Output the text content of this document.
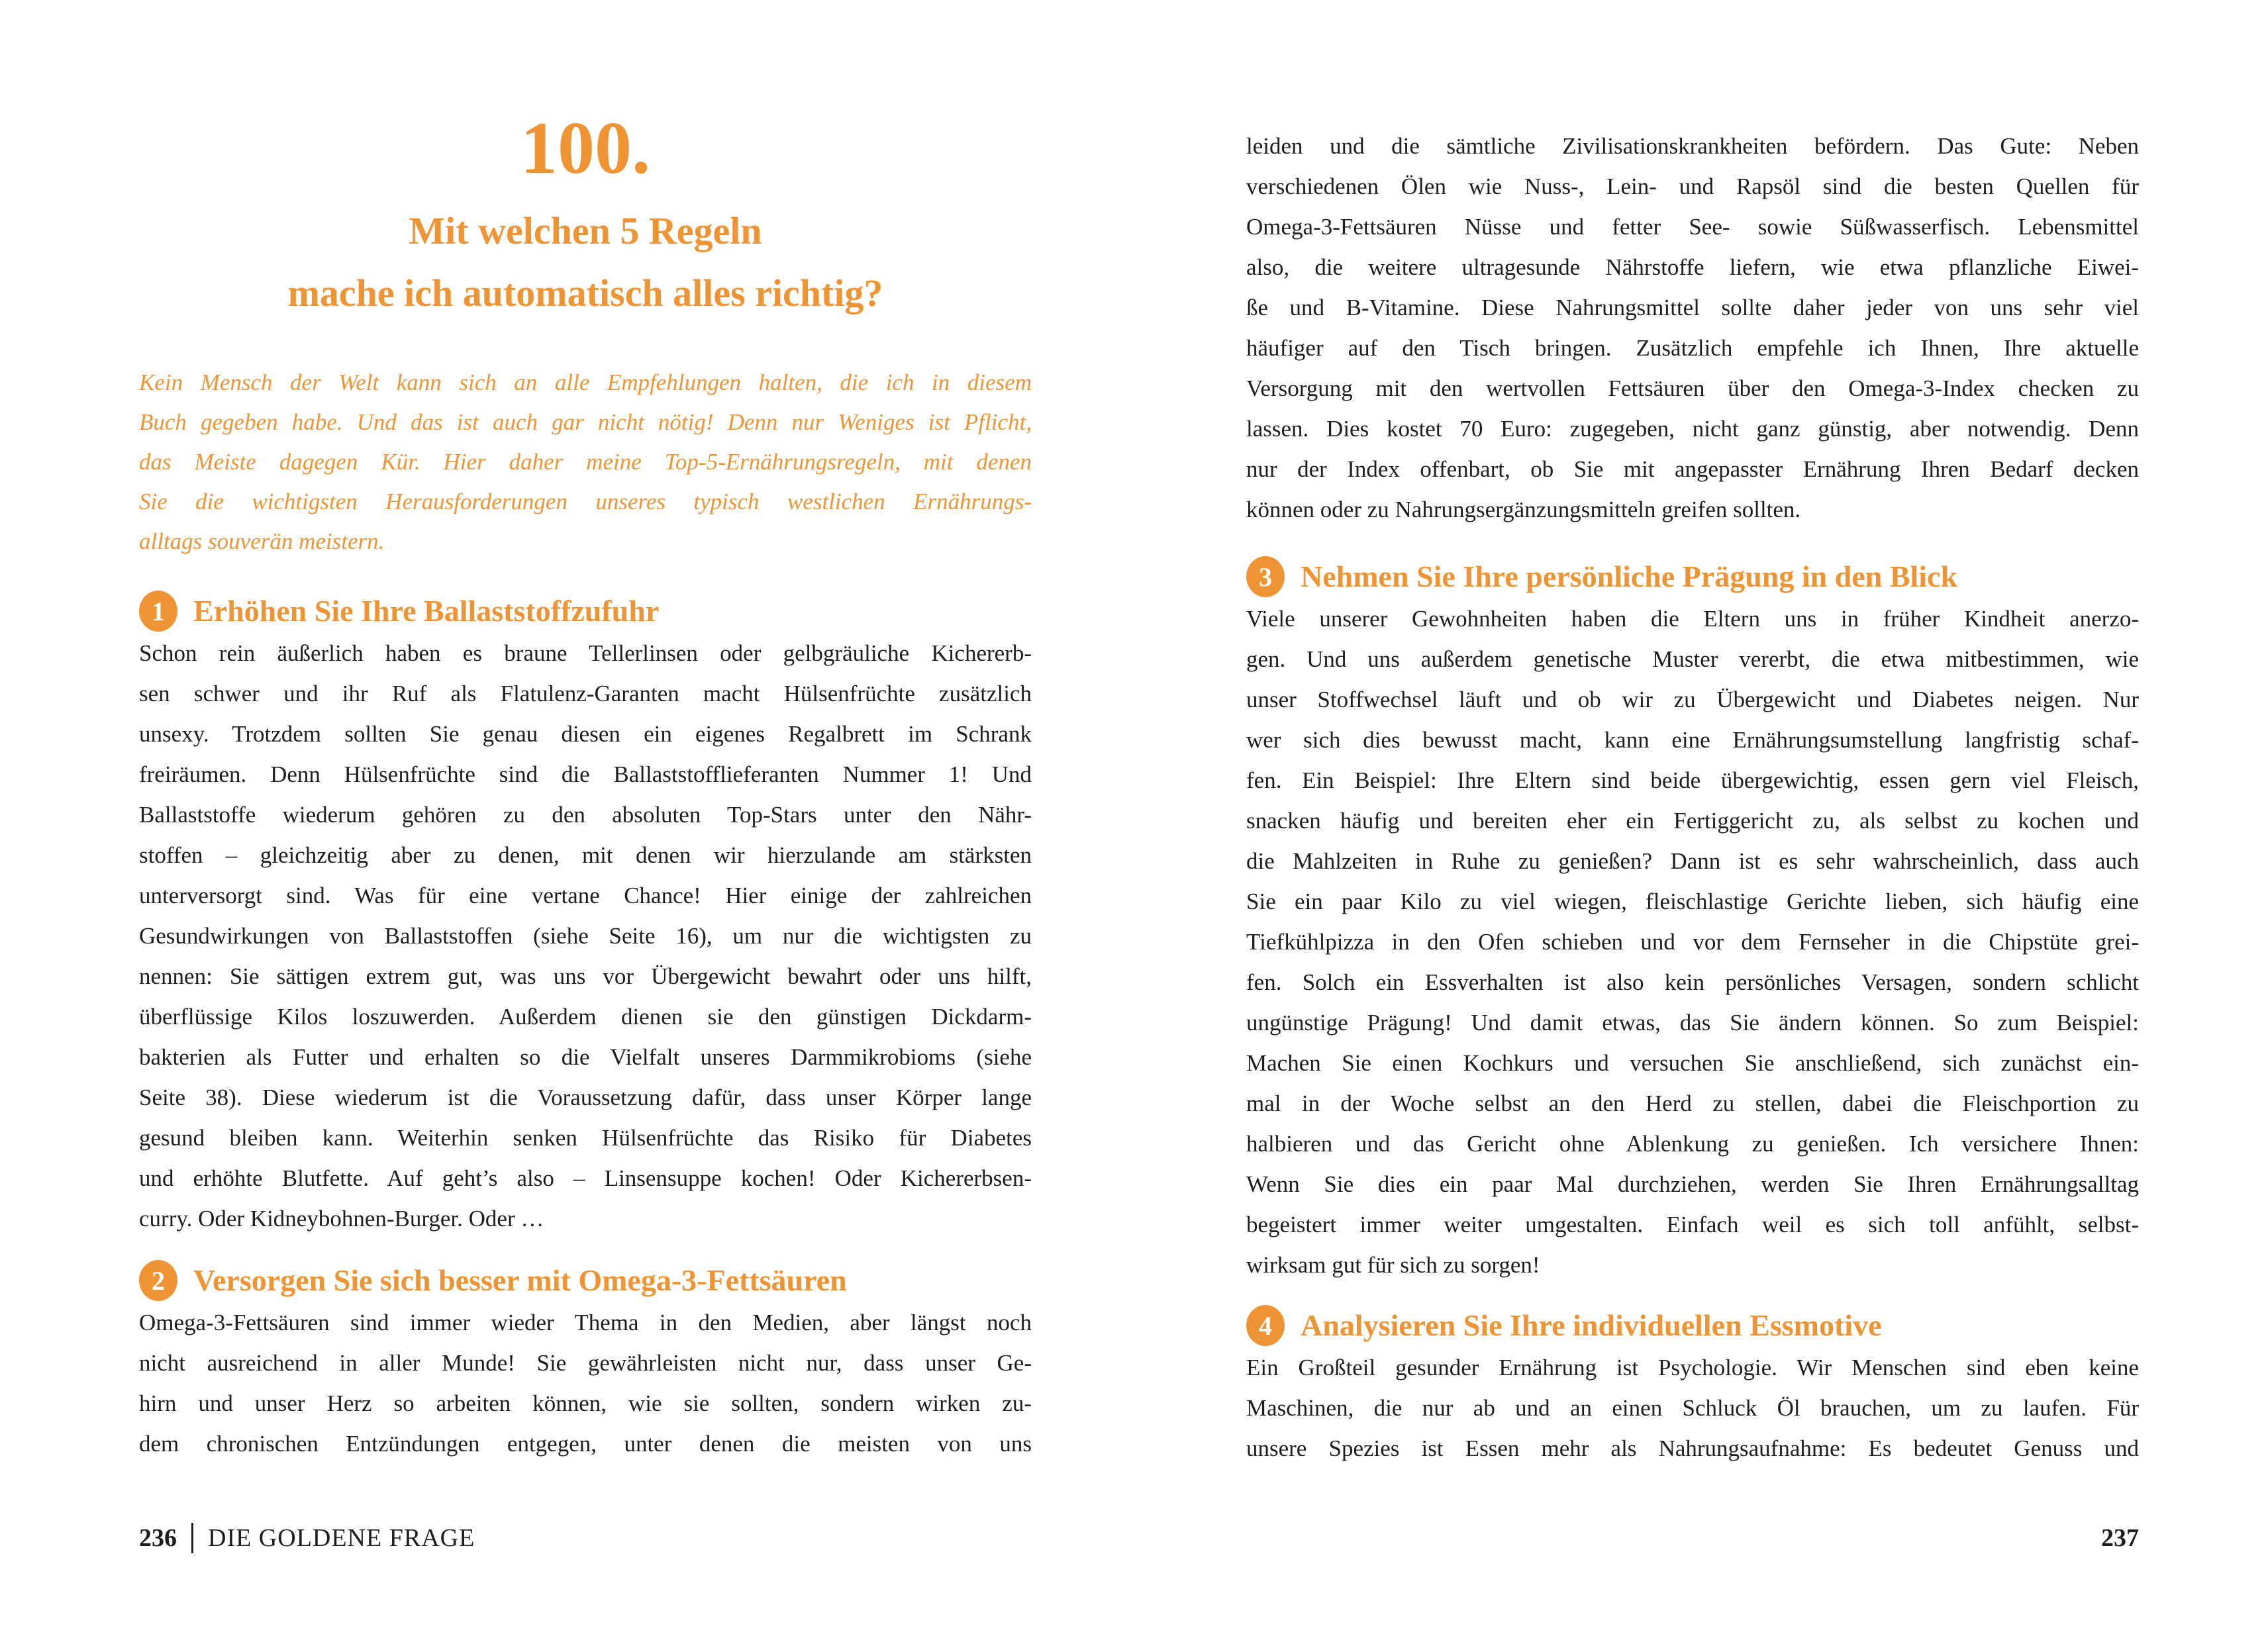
100.
Mit welchen 5 Regeln
mache ich automatisch alles richtig?
Kein Mensch der Welt kann sich an alle Empfehlungen halten, die ich in diesem
Buch gegeben habe. Und das ist auch gar nicht nötig! Denn nur Weniges ist Pflicht,
das Meiste dagegen Kür. Hier daher meine Top-5-Ernährungsregeln, mit denen
Sie die wichtigsten Herausforderungen unseres typisch westlichen Ernährungs-
alltags souverän meistern.
1 Erhöhen Sie Ihre Ballaststoffzufuhr
Schon rein äußerlich haben es braune Tellerlinsen oder gelbgräuliche Kichererb-
sen schwer und ihr Ruf als Flatulenz-Garanten macht Hülsenfrüchte zusätzlich
unsexy. Trotzdem sollten Sie genau diesen ein eigenes Regalbrett im Schrank
freiräumen. Denn Hülsenfrüchte sind die Ballaststofflieferanten Nummer 1! Und
Ballaststoffe wiederum gehören zu den absoluten Top-Stars unter den Nähr-
stoffen – gleichzeitig aber zu denen, mit denen wir hierzulande am stärksten
unterversorgt sind. Was für eine vertane Chance! Hier einige der zahlreichen
Gesundwirkungen von Ballaststoffen (siehe Seite 16), um nur die wichtigsten zu
nennen: Sie sättigen extrem gut, was uns vor Übergewicht bewahrt oder uns hilft,
überflüssige Kilos loszuwerden. Außerdem dienen sie den günstigen Dickdarm-
bakterien als Futter und erhalten so die Vielfalt unseres Darmmikrobioms (siehe
Seite 38). Diese wiederum ist die Voraussetzung dafür, dass unser Körper lange
gesund bleiben kann. Weiterhin senken Hülsenfrüchte das Risiko für Diabetes
und erhöhte Blutfette. Auf geht’s also – Linsensuppe kochen! Oder Kichererbsen-
curry. Oder Kidneybohnen-Burger. Oder …
2 Versorgen Sie sich besser mit Omega-3-Fettsäuren
Omega-3-Fettsäuren sind immer wieder Thema in den Medien, aber längst noch
nicht ausreichend in aller Munde! Sie gewährleisten nicht nur, dass unser Ge-
hirn und unser Herz so arbeiten können, wie sie sollten, sondern wirken zu-
dem chronischen Entzündungen entgegen, unter denen die meisten von uns
236 DIE GOLDENE FRAGE
leiden und die sämtliche Zivilisationskrankheiten befördern. Das Gute: Neben
verschiedenen Ölen wie Nuss-, Lein- und Rapsöl sind die besten Quellen für
Omega-3-Fettsäuren Nüsse und fetter See- sowie Süßwasserfisch. Lebensmittel
also, die weitere ultragesunde Nährstoffe liefern, wie etwa pflanzliche Eiwei-
ße und B-Vitamine. Diese Nahrungsmittel sollte daher jeder von uns sehr viel
häufiger auf den Tisch bringen. Zusätzlich empfehle ich Ihnen, Ihre aktuelle
Versorgung mit den wertvollen Fettsäuren über den Omega-3-Index checken zu
lassen. Dies kostet 70 Euro: zugegeben, nicht ganz günstig, aber notwendig. Denn
nur der Index offenbart, ob Sie mit angepasster Ernährung Ihren Bedarf decken
können oder zu Nahrungsergänzungsmitteln greifen sollten.
3 Nehmen Sie Ihre persönliche Prägung in den Blick
Viele unserer Gewohnheiten haben die Eltern uns in früher Kindheit anerzo-
gen. Und uns außerdem genetische Muster vererbt, die etwa mitbestimmen, wie
unser Stoffwechsel läuft und ob wir zu Übergewicht und Diabetes neigen. Nur
wer sich dies bewusst macht, kann eine Ernährungsumstellung langfristig schaf-
fen. Ein Beispiel: Ihre Eltern sind beide übergewichtig, essen gern viel Fleisch,
snacken häufig und bereiten eher ein Fertiggericht zu, als selbst zu kochen und
die Mahlzeiten in Ruhe zu genießen? Dann ist es sehr wahrscheinlich, dass auch
Sie ein paar Kilo zu viel wiegen, fleischlastige Gerichte lieben, sich häufig eine
Tiefkühlpizza in den Ofen schieben und vor dem Fernseher in die Chipstüte grei-
fen. Solch ein Essverhalten ist also kein persönliches Versagen, sondern schlicht
ungünstige Prägung! Und damit etwas, das Sie ändern können. So zum Beispiel:
Machen Sie einen Kochkurs und versuchen Sie anschließend, sich zunächst ein-
mal in der Woche selbst an den Herd zu stellen, dabei die Fleischportion zu
halbieren und das Gericht ohne Ablenkung zu genießen. Ich versichere Ihnen:
Wenn Sie dies ein paar Mal durchziehen, werden Sie Ihren Ernährungsalltag
begeistert immer weiter umgestalten. Einfach weil es sich toll anfühlt, selbst-
wirksam gut für sich zu sorgen!
4 Analysieren Sie Ihre individuellen Essmotive
Ein Großteil gesunder Ernährung ist Psychologie. Wir Menschen sind eben keine
Maschinen, die nur ab und an einen Schluck Öl brauchen, um zu laufen. Für
unsere Spezies ist Essen mehr als Nahrungsaufnahme: Es bedeutet Genuss und
237
